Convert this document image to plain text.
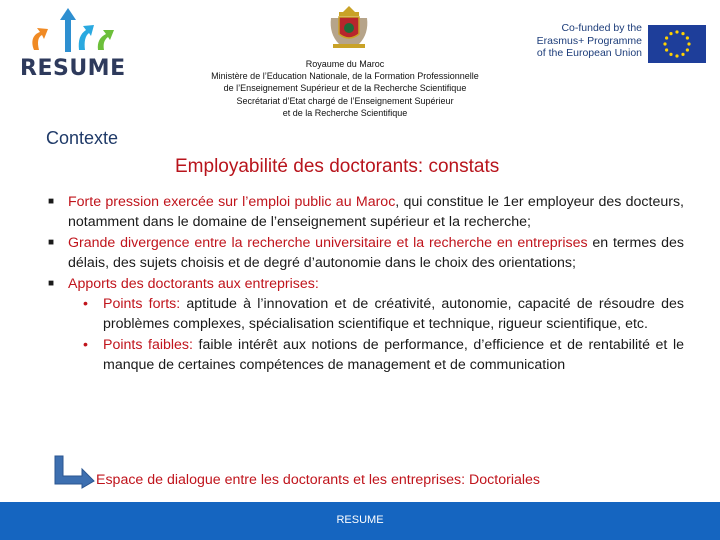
RESUME
Co-funded by the
Erasmus+ Programme
of the European Union
Royaume du Maroc
Ministère de l’Education Nationale, de la Formation Professionnelle
de l’Enseignement Supérieur et de la Recherche Scientifique
Secrétariat d’Etat chargé de l’Enseignement Supérieur
et de la Recherche Scientifique
Contexte
Employabilité des doctorants: constats
■ Forte pression exercée sur l’emploi public au Maroc, qui constitue le 1er employeur des docteurs, notamment dans le domaine de l’enseignement supérieur et la recherche;
■ Grande divergence entre la recherche universitaire et la recherche en entreprises en termes des délais, des sujets choisis et de degré d’autonomie dans le choix des orientations;
■ Apports des doctorants aux entreprises:
• Points forts: aptitude à l’innovation et de créativité, autonomie, capacité de résoudre des problèmes complexes, spécialisation scientifique et technique, rigueur scientifique, etc.
• Points faibles: faible intérêt aux notions de performance, d’efficience et de rentabilité et le manque de certaines compétences de management et de communication
Espace de dialogue entre les doctorants et les entreprises: Doctoriales
RESUME
